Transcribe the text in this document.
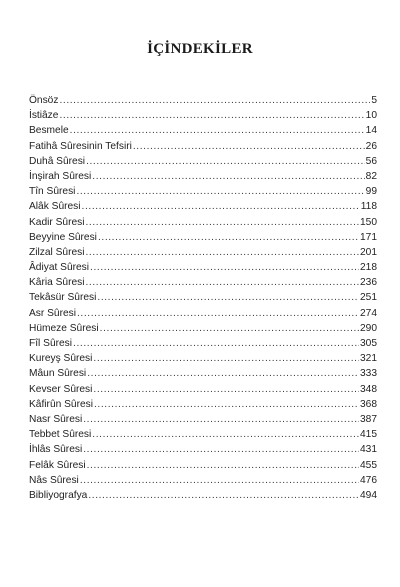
İÇİNDEKİLER
Önsöz .....	5
İstiâze .....	10
Besmele .....	14
Fatihâ Sûresinin Tefsiri .....	26
Duhâ Sûresi .....	56
İnşirah Sûresi .....	82
Tîn Sûresi .....	99
Alâk Sûresi .....	118
Kadir Sûresi .....	150
Beyyine Sûresi .....	171
Zilzal Sûresi .....	201
Âdiyat Sûresi .....	218
Kâria Sûresi .....	236
Tekâsür Sûresi .....	251
Asr Sûresi .....	274
Hümeze Sûresi .....	290
Fîl Sûresi .....	305
Kureyş Sûresi .....	321
Mâun Sûresi .....	333
Kevser Sûresi .....	348
Kâfirûn Sûresi .....	368
Nasr Sûresi .....	387
Tebbet Sûresi .....	415
İhlâs Sûresi .....	431
Felâk Sûresi .....	455
Nâs Sûresi .....	476
Bibliyografya .....	494
